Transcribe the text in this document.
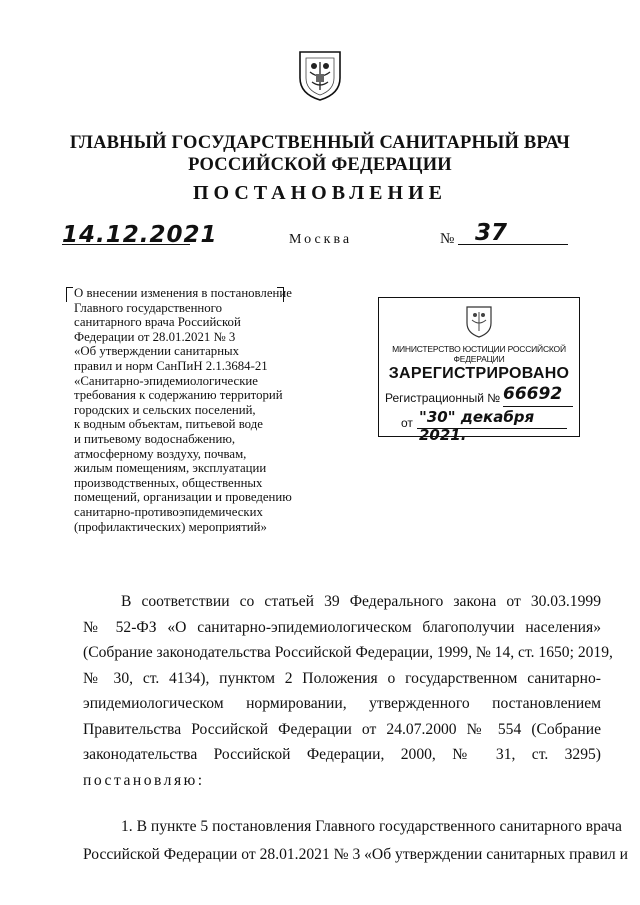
ГЛАВНЫЙ ГОСУДАРСТВЕННЫЙ САНИТАРНЫЙ ВРАЧ
РОССИЙСКОЙ ФЕДЕРАЦИИ
ПОСТАНОВЛЕНИЕ
14.12.2021	Москва	№ 37
О внесении изменения в постановление
Главного государственного
санитарного врача Российской
Федерации от 28.01.2021 № 3
«Об утверждении санитарных
правил и норм СанПиН 2.1.3684-21
«Санитарно-эпидемиологические
требования к содержанию территорий
городских и сельских поселений,
к водным объектам, питьевой воде
и питьевому водоснабжению,
атмосферному воздуху, почвам,
жилым помещениям, эксплуатации
производственных, общественных
помещений, организации и проведению
санитарно-противоэпидемических
(профилактических) мероприятий»
МИНИСТЕРСТВО ЮСТИЦИИ РОССИЙСКОЙ ФЕДЕРАЦИИ
ЗАРЕГИСТРИРОВАНО
Регистрационный № 66692
от "30" декабря 2021.
В соответствии со статьей 39 Федерального закона от 30.03.1999
№ 52-ФЗ «О санитарно-эпидемиологическом благополучии населения»
(Собрание законодательства Российской Федерации, 1999, № 14, ст. 1650; 2019,
№ 30, ст. 4134), пунктом 2 Положения о государственном санитарно-
эпидемиологическом нормировании, утвержденного постановлением
Правительства Российской Федерации от 24.07.2000 № 554 (Собрание
законодательства Российской Федерации, 2000, № 31, ст. 3295)
постановляю:
1. В пункте 5 постановления Главного государственного санитарного врача
Российской Федерации от 28.01.2021 № 3 «Об утверждении санитарных правил и
